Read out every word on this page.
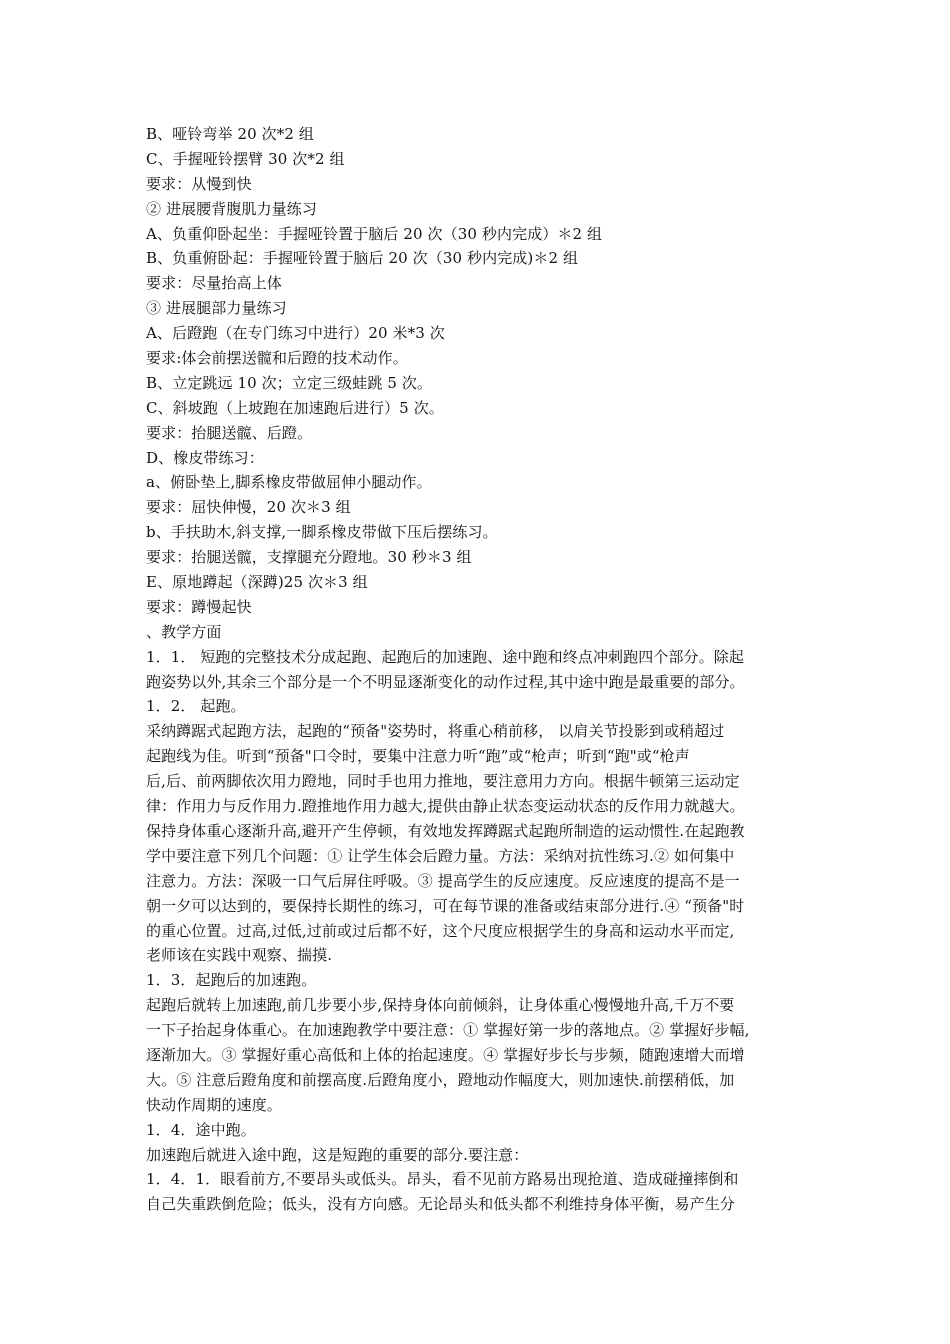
B、哑铃弯举 20 次*2 组
C、手握哑铃摆臂 30 次*2 组
要求：从慢到快
② 进展腰背腹肌力量练习
A、负重仰卧起坐：手握哑铃置于脑后 20 次（30 秒内完成）＊2 组
B、负重俯卧起：手握哑铃置于脑后 20 次（30 秒内完成)＊2 组
要求：尽量抬高上体
③ 进展腿部力量练习
A、后蹬跑（在专门练习中进行）20 米*3 次
要求:体会前摆送髋和后蹬的技术动作。
B、立定跳远 10 次；立定三级蛙跳 5 次。
C、斜坡跑（上坡跑在加速跑后进行）5 次。
要求：抬腿送髋、后蹬。
D、橡皮带练习：
a、俯卧垫上,脚系橡皮带做屈伸小腿动作。
要求：屈快伸慢，20 次＊3 组
b、手扶助木,斜支撑,一脚系橡皮带做下压后摆练习。
要求：抬腿送髋，支撑腿充分蹬地。30 秒＊3 组
E、原地蹲起（深蹲)25 次＊3 组
要求：蹲慢起快
、教学方面
1．1． 短跑的完整技术分成起跑、起跑后的加速跑、途中跑和终点冲刺跑四个部分。除起
跑姿势以外,其余三个部分是一个不明显逐渐变化的动作过程,其中途中跑是最重要的部分。
1．2． 起跑。
采纳蹲踞式起跑方法，起跑的“预备"姿势时，将重心稍前移， 以肩关节投影到或稍超过
起跑线为佳。听到“预备"口令时，要集中注意力听“跑”或“枪声；听到“跑"或“枪声
后,后、前两脚依次用力蹬地，同时手也用力推地，要注意用力方向。根据牛顿第三运动定
律：作用力与反作用力.蹬推地作用力越大,提供由静止状态变运动状态的反作用力就越大。
保持身体重心逐渐升高,避开产生停顿，有效地发挥蹲踞式起跑所制造的运动惯性.在起跑教
学中要注意下列几个问题：① 让学生体会后蹬力量。方法：采纳对抗性练习.② 如何集中
注意力。方法：深吸一口气后屏住呼吸。③ 提高学生的反应速度。反应速度的提高不是一
朝一夕可以达到的，要保持长期性的练习，可在每节课的准备或结束部分进行.④ “预备"时
的重心位置。过高,过低,过前或过后都不好，这个尺度应根据学生的身高和运动水平而定,
老师该在实践中观察、揣摸.
1．3．起跑后的加速跑。
起跑后就转上加速跑,前几步要小步,保持身体向前倾斜，让身体重心慢慢地升高,千万不要
一下子抬起身体重心。在加速跑教学中要注意：① 掌握好第一步的落地点。② 掌握好步幅,
逐渐加大。③ 掌握好重心高低和上体的抬起速度。④ 掌握好步长与步频，随跑速增大而增
大。⑤ 注意后蹬角度和前摆高度.后蹬角度小，蹬地动作幅度大，则加速快.前摆稍低，加
快动作周期的速度。
1．4．途中跑。
加速跑后就进入途中跑，这是短跑的重要的部分.要注意：
1．4．1．眼看前方,不要昂头或低头。昂头，看不见前方路易出现抢道、造成碰撞摔倒和
自己失重跌倒危险；低头，没有方向感。无论昂头和低头都不利维持身体平衡，易产生分
